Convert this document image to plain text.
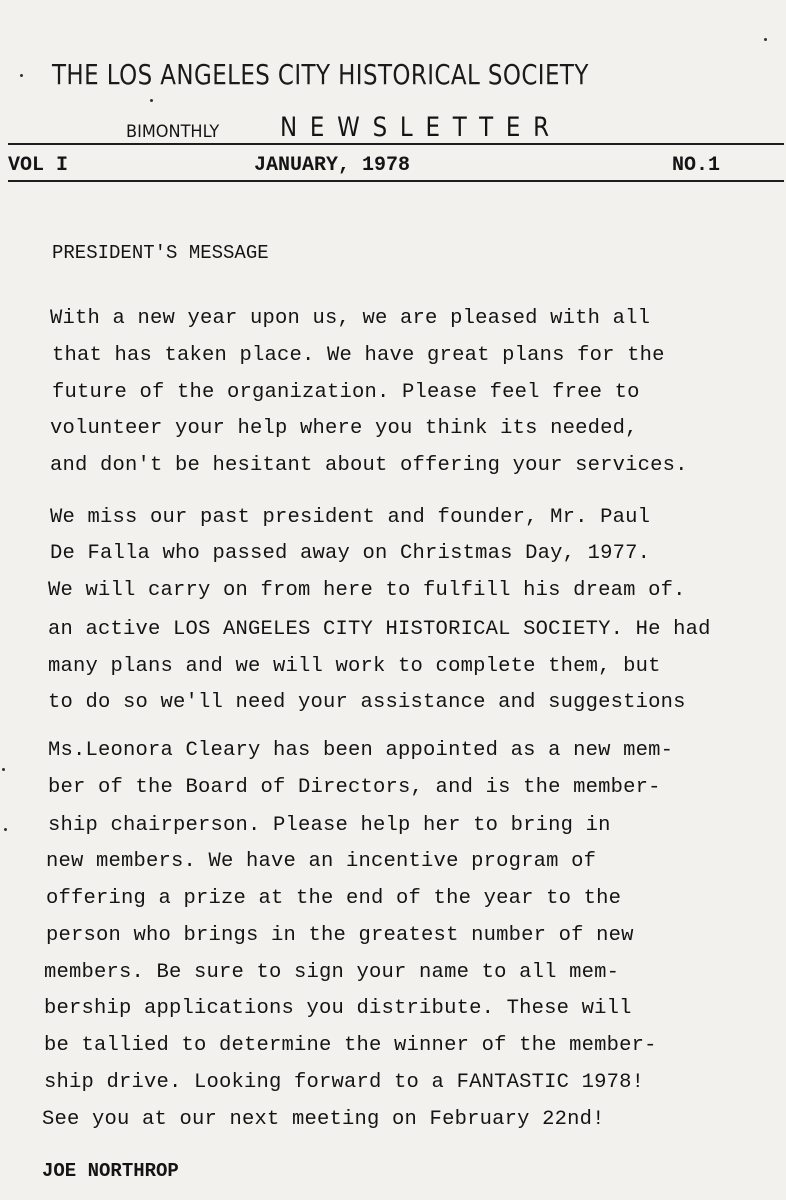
THE LOS ANGELES CITY HISTORICAL SOCIETY
BIMONTHLY NEWSLETTER
VOL I	JANUARY, 1978	NO.1
PRESIDENT'S MESSAGE
With a new year upon us, we are pleased with all
that has taken place. We have great plans for the
future of the organization. Please feel free to
volunteer your help where you think its needed,
and don't be hesitant about offering your services.
We miss our past president and founder, Mr. Paul
De Falla who passed away on Christmas Day, 1977.
We will carry on from here to fulfill his dream of.
an active LOS ANGELES CITY HISTORICAL SOCIETY. He had
many plans and we will work to complete them, but
to do so we'll need your assistance and suggestions
Ms.Leonora Cleary has been appointed as a new mem-
ber of the Board of Directors, and is the member-
ship chairperson. Please help her to bring in
new members. We have an incentive program of
offering a prize at the end of the year to the
person who brings in the greatest number of new
members. Be sure to sign your name to all mem-
bership applications you distribute. These will
be tallied to determine the winner of the member-
ship drive. Looking forward to a FANTASTIC 1978!
See you at our next meeting on February 22nd!
JOE NORTHROP
